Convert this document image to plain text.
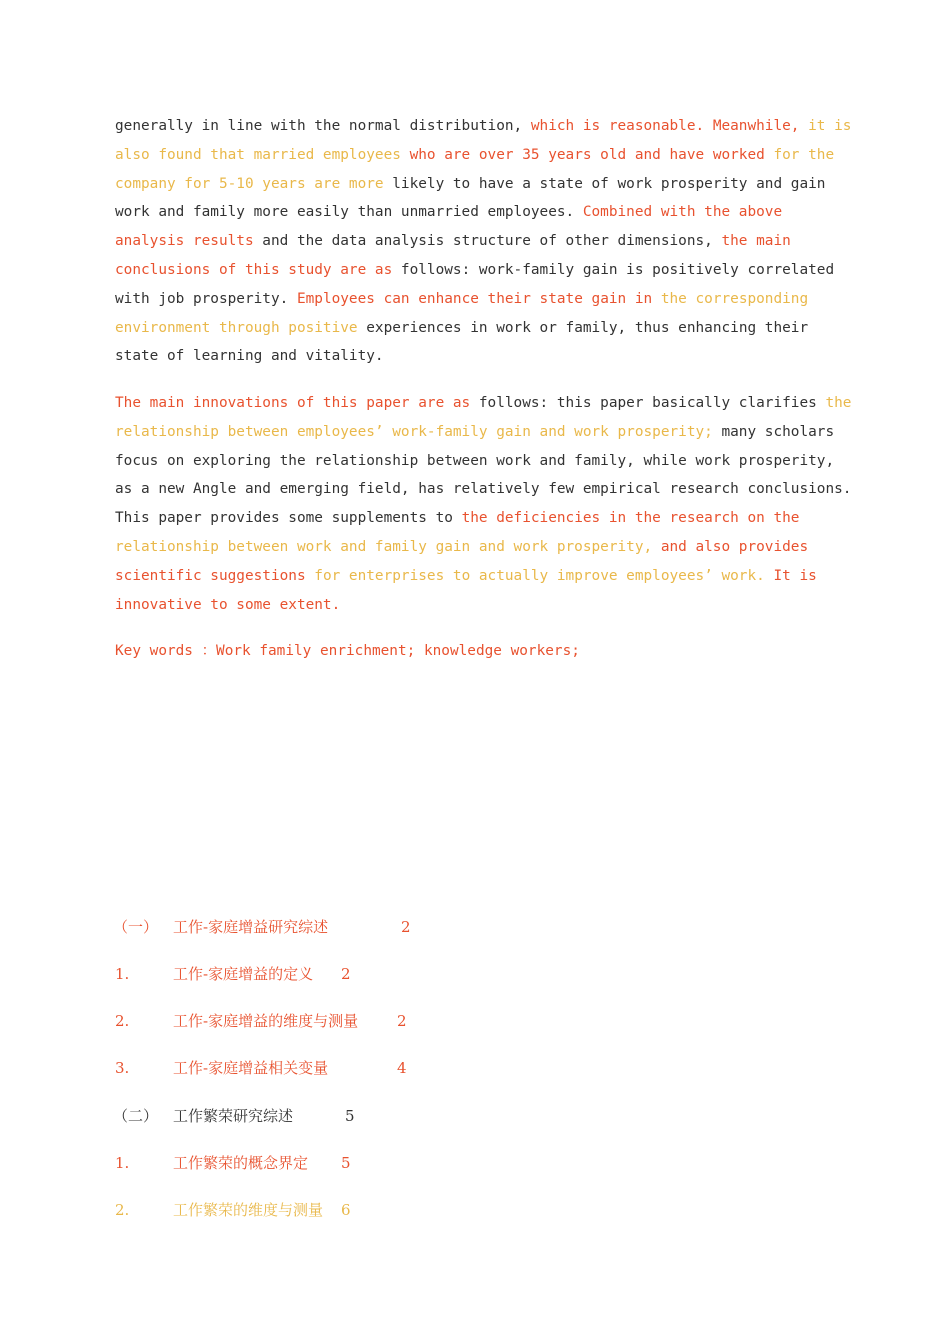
generally in line with the normal distribution, which is reasonable. Meanwhile, it is
also found that married employees who are over 35 years old and have worked for the
company for 5-10 years are more likely to have a state of work prosperity and gain
work and family more easily than unmarried employees. Combined with the above
analysis results and the data analysis structure of other dimensions, the main
conclusions of this study are as follows: work-family gain is positively correlated
with job prosperity. Employees can enhance their state gain in the corresponding
environment through positive experiences in work or family, thus enhancing their
state of learning and vitality.
The main innovations of this paper are as follows: this paper basically clarifies the
relationship between employees’ work-family gain and work prosperity; many scholars
focus on exploring the relationship between work and family, while work prosperity,
as a new Angle and emerging field, has relatively few empirical research conclusions.
This paper provides some supplements to the deficiencies in the research on the
relationship between work and family gain and work prosperity, and also provides
scientific suggestions for enterprises to actually improve employees’ work. It is
innovative to some extent.
Key words ：Work family enrichment; knowledge workers;
（一） 工作-家庭增益研究综述	2
1.	工作-家庭增益的定义 2
2.	工作-家庭增益的维度与测量	2
3.	工作-家庭增益相关变量	4
（二） 工作繁荣研究综述	5
1.	工作繁荣的概念界定 5
2.	工作繁荣的维度与测量 6
